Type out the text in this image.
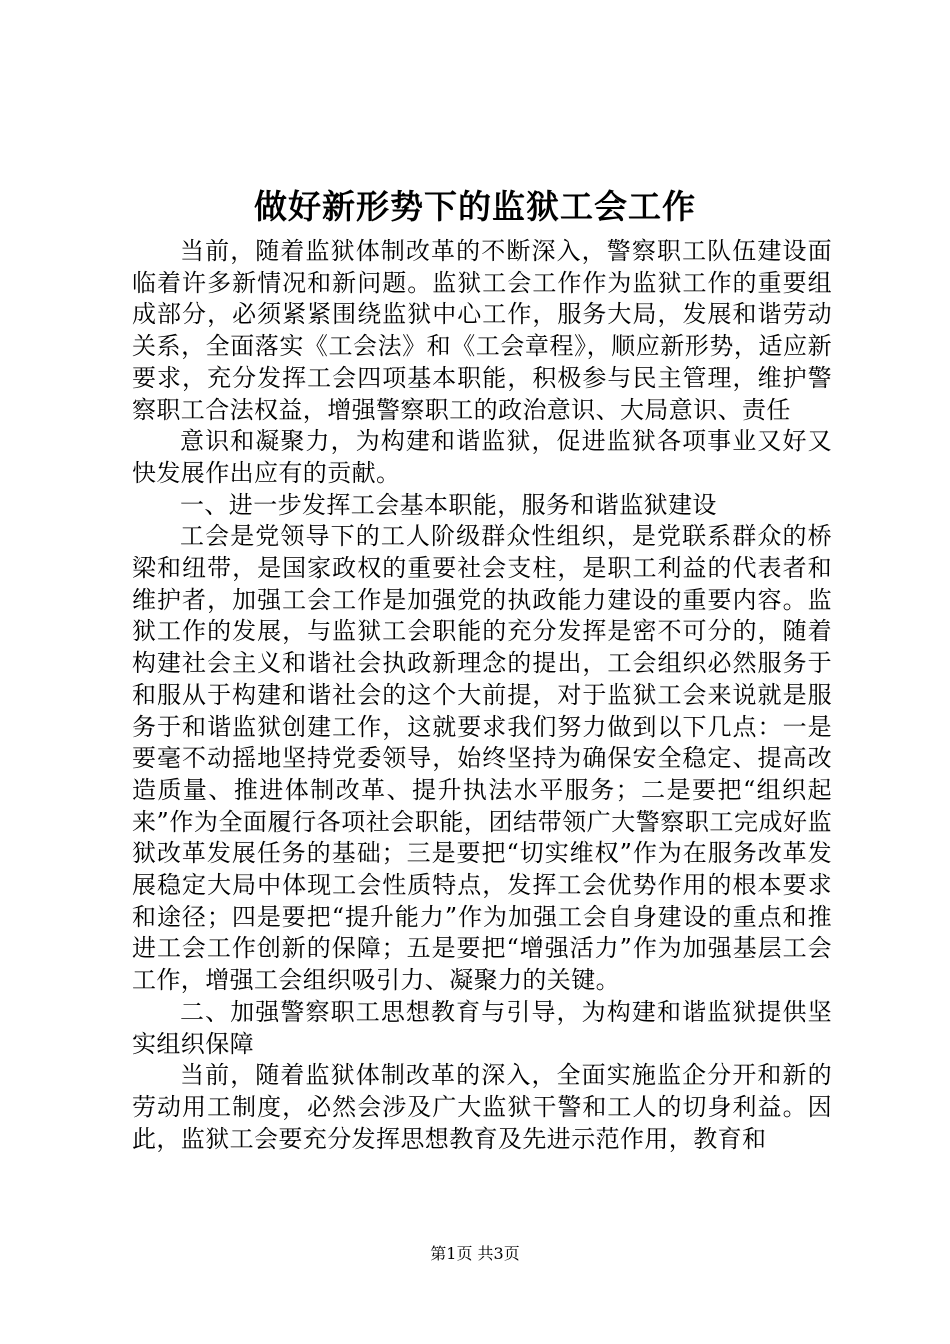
做好新形势下的监狱工会工作

当前，随着监狱体制改革的不断深入，警察职工队伍建设面临着许多新情况和新问题。监狱工会工作作为监狱工作的重要组成部分，必须紧紧围绕监狱中心工作，服务大局，发展和谐劳动关系，全面落实《工会法》和《工会章程》，顺应新形势，适应新要求，充分发挥工会四项基本职能，积极参与民主管理，维护警察职工合法权益，增强警察职工的政治意识、大局意识、责任

意识和凝聚力，为构建和谐监狱，促进监狱各项事业又好又快发展作出应有的贡献。

一、进一步发挥工会基本职能，服务和谐监狱建设

工会是党领导下的工人阶级群众性组织，是党联系群众的桥梁和纽带，是国家政权的重要社会支柱，是职工利益的代表者和维护者，加强工会工作是加强党的执政能力建设的重要内容。监狱工作的发展，与监狱工会职能的充分发挥是密不可分的，随着构建社会主义和谐社会执政新理念的提出，工会组织必然服务于和服从于构建和谐社会的这个大前提，对于监狱工会来说就是服务于和谐监狱创建工作，这就要求我们努力做到以下几点：一是要毫不动摇地坚持党委领导，始终坚持为确保安全稳定、提高改造质量、推进体制改革、提升执法水平服务；二是要把“组织起来”作为全面履行各项社会职能，团结带领广大警察职工完成好监狱改革发展任务的基础；三是要把“切实维权”作为在服务改革发展稳定大局中体现工会性质特点，发挥工会优势作用的根本要求和途径；四是要把“提升能力”作为加强工会自身建设的重点和推进工会工作创新的保障；五是要把“增强活力”作为加强基层工会工作，增强工会组织吸引力、凝聚力的关键。

二、加强警察职工思想教育与引导，为构建和谐监狱提供坚实组织保障

当前，随着监狱体制改革的深入，全面实施监企分开和新的劳动用工制度，必然会涉及广大监狱干警和工人的切身利益。因此，监狱工会要充分发挥思想教育及先进示范作用，教育和

第1页 共3页
